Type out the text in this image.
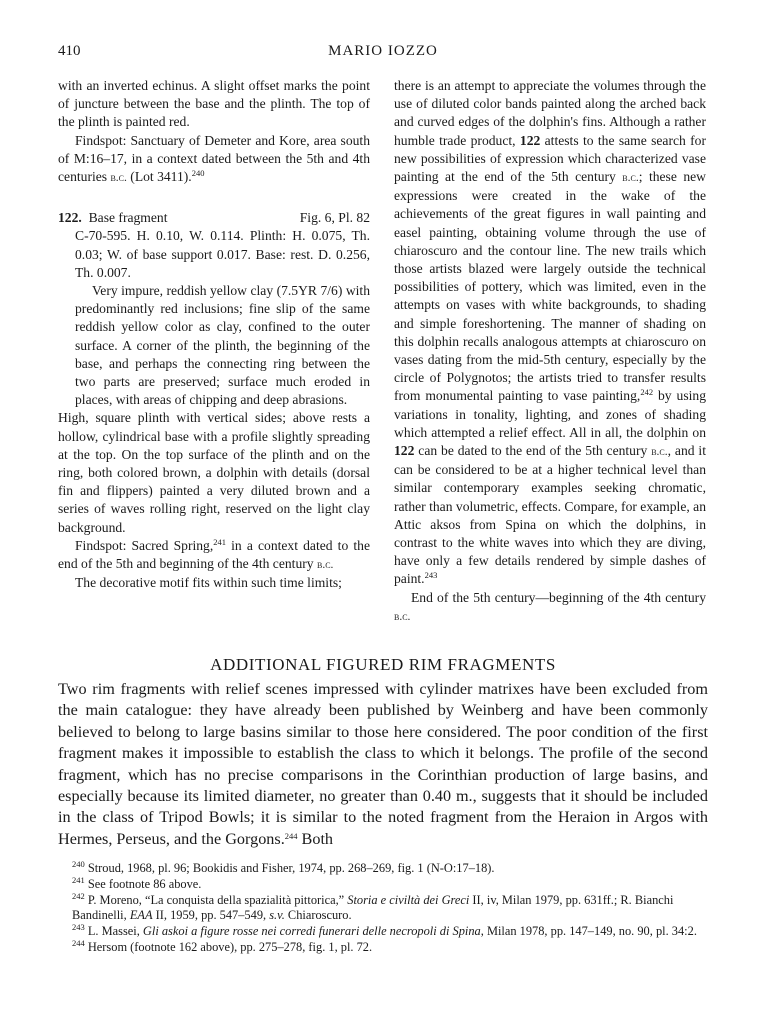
410	MARIO IOZZO

with an inverted echinus. A slight offset marks the point of juncture between the base and the plinth. The top of the plinth is painted red.

Findspot: Sanctuary of Demeter and Kore, area south of M:16–17, in a context dated between the 5th and 4th centuries b.c. (Lot 3411).$^{240}$

122. Base fragment	Fig. 6, Pl. 82

C-70-595. H. 0.10, W. 0.114. Plinth: H. 0.075, Th. 0.03; W. of base support 0.017. Base: rest. D. 0.256, Th. 0.007.

Very impure, reddish yellow clay (7.5YR 7/6) with predominantly red inclusions; fine slip of the same reddish yellow color as clay, confined to the outer surface. A corner of the plinth, the beginning of the base, and perhaps the connecting ring between the two parts are preserved; surface much eroded in places, with areas of chipping and deep abrasions.

High, square plinth with vertical sides; above rests a hollow, cylindrical base with a profile slightly spreading at the top. On the top surface of the plinth and on the ring, both colored brown, a dolphin with details (dorsal fin and flippers) painted a very diluted brown and a series of waves rolling right, reserved on the light clay background.

Findspot: Sacred Spring,$^{241}$ in a context dated to the end of the 5th and beginning of the 4th century b.c.

The decorative motif fits within such time limits;

there is an attempt to appreciate the volumes through the use of diluted color bands painted along the arched back and curved edges of the dolphin's fins. Although a rather humble trade product, 122 attests to the same search for new possibilities of expression which characterized vase painting at the end of the 5th century b.c.; these new expressions were created in the wake of the achievements of the great figures in wall painting and easel painting, obtaining volume through the use of chiaroscuro and the contour line. The new trails which those artists blazed were largely outside the technical possibilities of pottery, which was limited, even in the attempts on vases with white backgrounds, to shading and simple foreshortening. The manner of shading on this dolphin recalls analogous attempts at chiaroscuro on vases dating from the mid-5th century, especially by the circle of Polygnotos; the artists tried to transfer results from monumental painting to vase painting,$^{242}$ by using variations in tonality, lighting, and zones of shading which attempted a relief effect. All in all, the dolphin on 122 can be dated to the end of the 5th century b.c., and it can be considered to be at a higher technical level than similar contemporary examples seeking chromatic, rather than volumetric, effects. Compare, for example, an Attic aksos from Spina on which the dolphins, in contrast to the white waves into which they are diving, have only a few details rendered by simple dashes of paint.$^{243}$

End of the 5th century—beginning of the 4th century b.c.

ADDITIONAL FIGURED RIM FRAGMENTS

Two rim fragments with relief scenes impressed with cylinder matrixes have been excluded from the main catalogue: they have already been published by Weinberg and have been commonly believed to belong to large basins similar to those here considered. The poor condition of the first fragment makes it impossible to establish the class to which it belongs. The profile of the second fragment, which has no precise comparisons in the Corinthian production of large basins, and especially because its limited diameter, no greater than 0.40 m., suggests that it should be included in the class of Tripod Bowls; it is similar to the noted fragment from the Heraion in Argos with Hermes, Perseus, and the Gorgons.$^{244}$ Both

$^{240}$ Stroud, 1968, pl. 96; Bookidis and Fisher, 1974, pp. 268–269, fig. 1 (N-O:17–18).

$^{241}$ See footnote 86 above.

$^{242}$ P. Moreno, “La conquista della spazialità pittorica,” Storia e civiltà dei Greci II, iv, Milan 1979, pp. 631ff.; R. Bianchi Bandinelli, EAA II, 1959, pp. 547–549, s.v. Chiaroscuro.

$^{243}$ L. Massei, Gli askoi a figure rosse nei corredi funerari delle necropoli di Spina, Milan 1978, pp. 147–149, no. 90, pl. 34:2.

$^{244}$ Hersom (footnote 162 above), pp. 275–278, fig. 1, pl. 72.
